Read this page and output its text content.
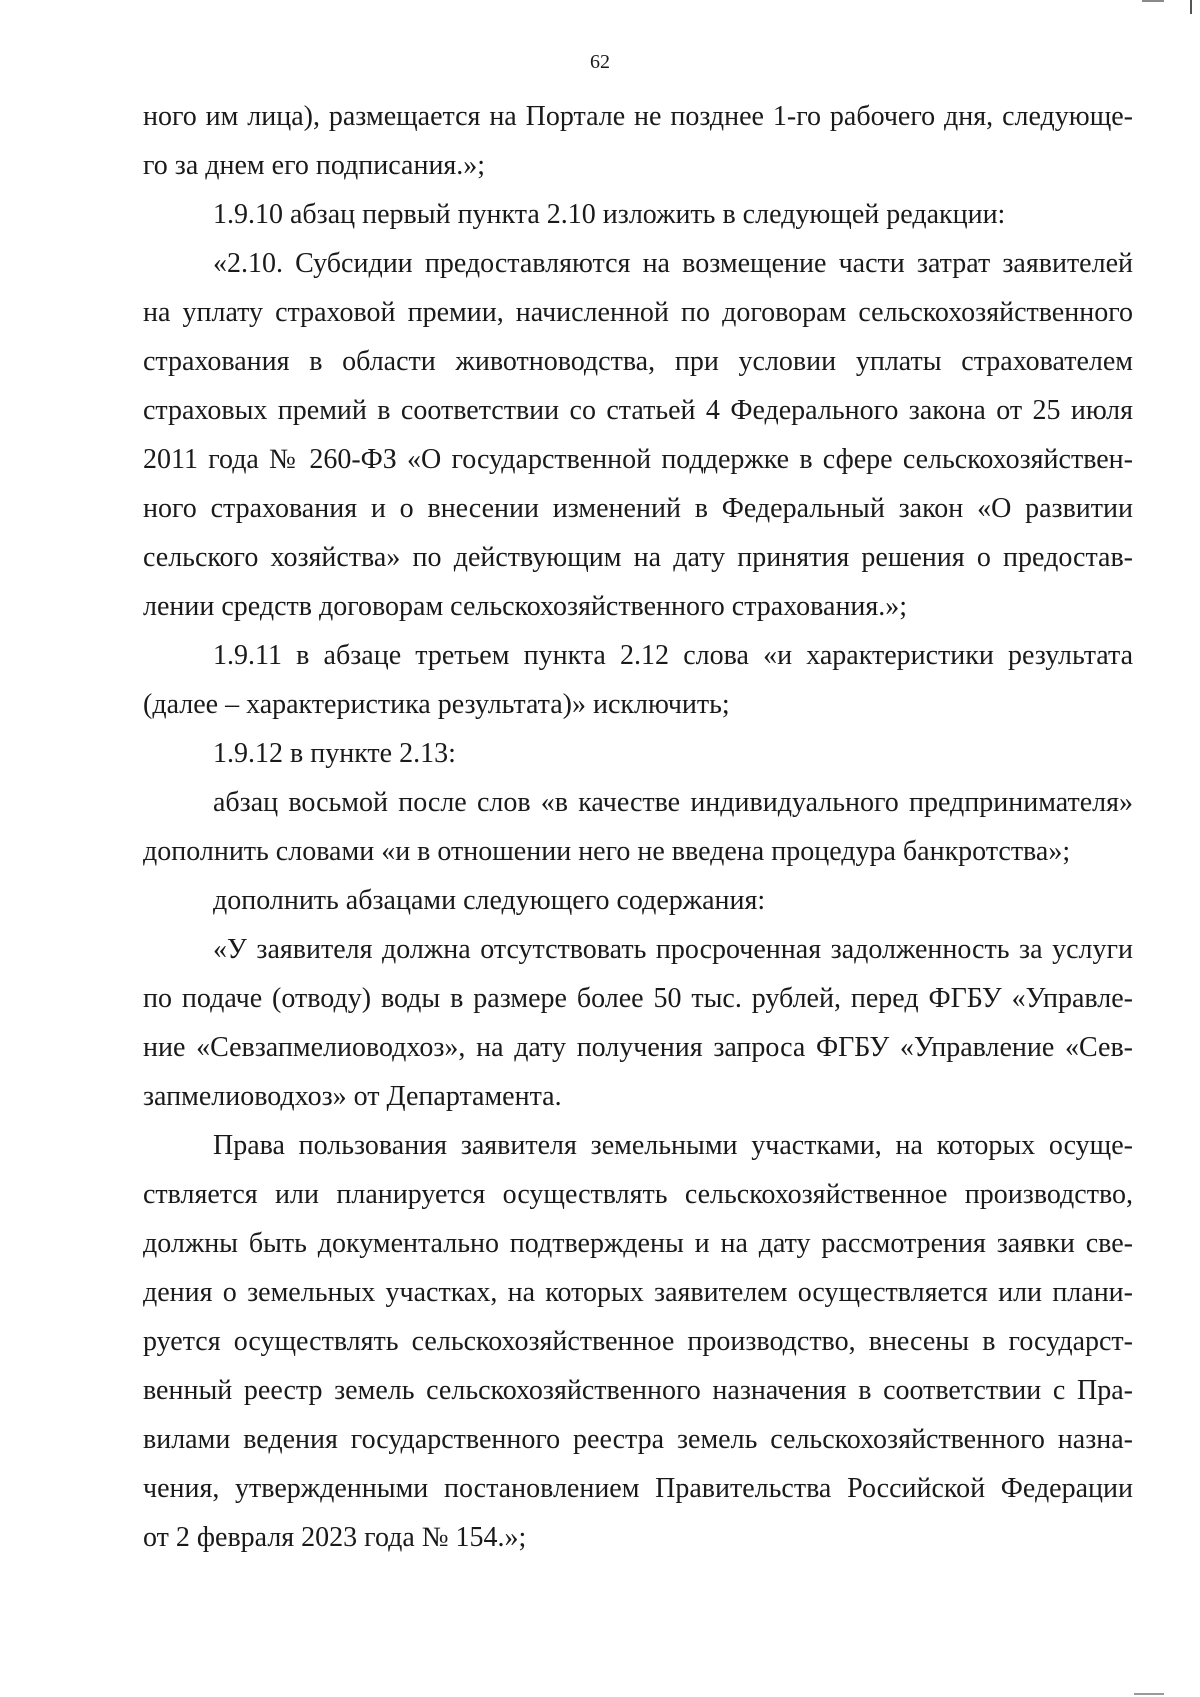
62
ного им лица), размещается на Портале не позднее 1-го рабочего дня, следующе-
го за днем его подписания.»;
1.9.10 абзац первый пункта 2.10 изложить в следующей редакции:
«2.10. Субсидии предоставляются на возмещение части затрат заявителей
на уплату страховой премии, начисленной по договорам сельскохозяйственного
страхования в области животноводства, при условии уплаты страхователем
страховых премий в соответствии со статьей 4 Федерального закона от 25 июля
2011 года № 260-ФЗ «О государственной поддержке в сфере сельскохозяйствен-
ного страхования и о внесении изменений в Федеральный закон «О развитии
сельского хозяйства» по действующим на дату принятия решения о предостав-
лении средств договорам сельскохозяйственного страхования.»;
1.9.11 в абзаце третьем пункта 2.12 слова «и характеристики результата
(далее – характеристика результата)» исключить;
1.9.12 в пункте 2.13:
абзац восьмой после слов «в качестве индивидуального предпринимателя»
дополнить словами «и в отношении него не введена процедура банкротства»;
дополнить абзацами следующего содержания:
«У заявителя должна отсутствовать просроченная задолженность за услуги
по подаче (отводу) воды в размере более 50 тыс. рублей, перед ФГБУ «Управле-
ние «Севзапмелиоводхоз», на дату получения запроса ФГБУ «Управление «Сев-
запмелиоводхоз» от Департамента.
Права пользования заявителя земельными участками, на которых осуще-
ствляется или планируется осуществлять сельскохозяйственное производство,
должны быть документально подтверждены и на дату рассмотрения заявки све-
дения о земельных участках, на которых заявителем осуществляется или плани-
руется осуществлять сельскохозяйственное производство, внесены в государст-
венный реестр земель сельскохозяйственного назначения в соответствии с Пра-
вилами ведения государственного реестра земель сельскохозяйственного назна-
чения, утвержденными постановлением Правительства Российской Федерации
от 2 февраля 2023 года № 154.»;
